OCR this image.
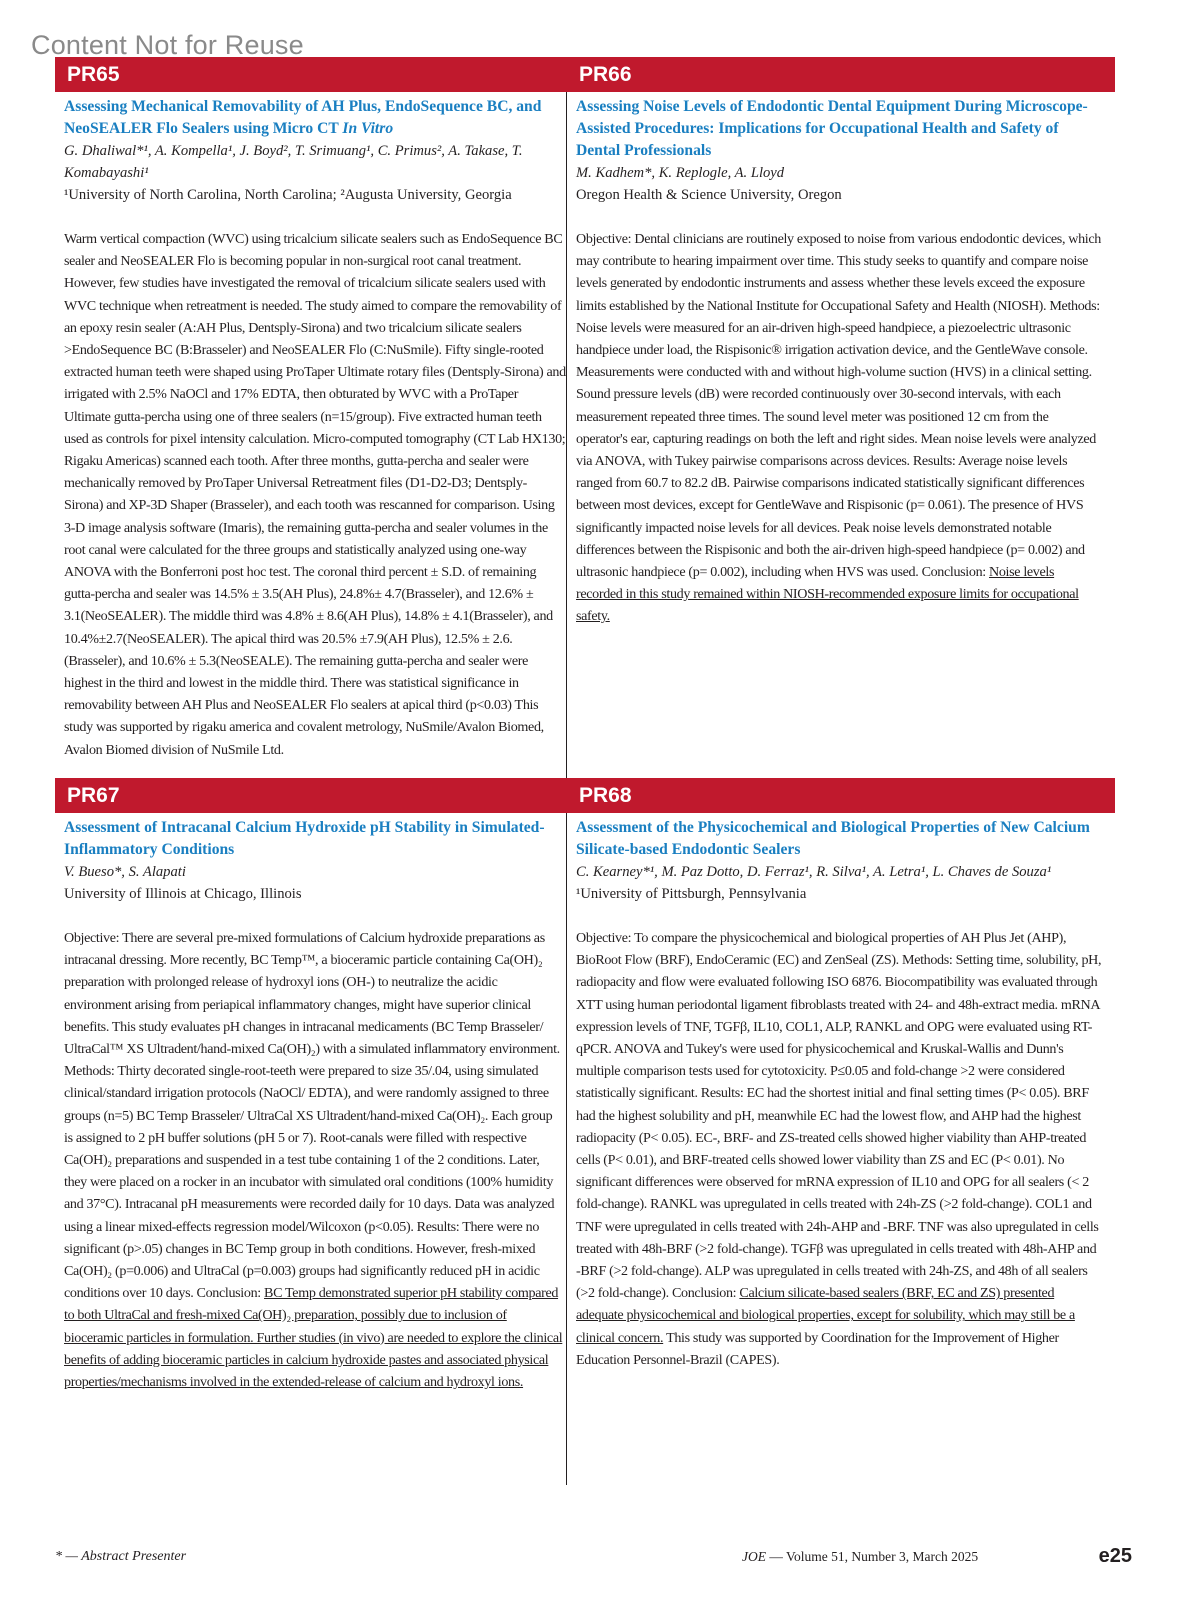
Content Not for Reuse
PR65	PR66
PR67	PR68

Assessing Mechanical Removability of AH Plus, EndoSequence BC, and NeoSEALER Flo Sealers using Micro CT In Vitro

G. Dhaliwal*¹, A. Kompella¹, J. Boyd², T. Srimuang¹, C. Primus², A. Takase, T. Komabayashi¹

¹University of North Carolina, North Carolina; ²Augusta University, Georgia

Warm vertical compaction (WVC) using tricalcium silicate sealers such as EndoSequence BC sealer and NeoSEALER Flo is becoming popular in non-surgical root canal treatment. However, few studies have investigated the removal of tricalcium silicate sealers used with WVC technique when retreatment is needed. The study aimed to compare the removability of an epoxy resin sealer (A:AH Plus, Dentsply-Sirona) and two tricalcium silicate sealers >EndoSequence BC (B:Brasseler) and NeoSEALER Flo (C:NuSmile). Fifty single-rooted extracted human teeth were shaped using ProTaper Ultimate rotary files (Dentsply-Sirona) and irrigated with 2.5% NaOCl and 17% EDTA, then obturated by WVC with a ProTaper Ultimate gutta-percha using one of three sealers (n=15/group). Five extracted human teeth used as controls for pixel intensity calculation. Micro-computed tomography (CT Lab HX130; Rigaku Americas) scanned each tooth. After three months, gutta-percha and sealer were mechanically removed by ProTaper Universal Retreatment files (D1-D2-D3; Dentsply-Sirona) and XP-3D Shaper (Brasseler), and each tooth was rescanned for comparison. Using 3-D image analysis software (Imaris), the remaining gutta-percha and sealer volumes in the root canal were calculated for the three groups and statistically analyzed using one-way ANOVA with the Bonferroni post hoc test. The coronal third percent ± S.D. of remaining gutta-percha and sealer was 14.5% ± 3.5(AH Plus), 24.8%± 4.7(Brasseler), and 12.6% ± 3.1(NeoSEALER). The middle third was 4.8% ± 8.6(AH Plus), 14.8% ± 4.1(Brasseler), and 10.4%±2.7(NeoSEALER). The apical third was 20.5% ±7.9(AH Plus), 12.5% ± 2.6.(Brasseler), and 10.6% ± 5.3(NeoSEALE). The remaining gutta-percha and sealer were highest in the third and lowest in the middle third. There was statistical significance in removability between AH Plus and NeoSEALER Flo sealers at apical third (p<0.03) This study was supported by rigaku america and covalent metrology, NuSmile/Avalon Biomed, Avalon Biomed division of NuSmile Ltd.

Assessing Noise Levels of Endodontic Dental Equipment During Microscope-Assisted Procedures: Implications for Occupational Health and Safety of Dental Professionals

M. Kadhem*, K. Replogle, A. Lloyd

Oregon Health & Science University, Oregon

Objective: Dental clinicians are routinely exposed to noise from various endodontic devices, which may contribute to hearing impairment over time. This study seeks to quantify and compare noise levels generated by endodontic instruments and assess whether these levels exceed the exposure limits established by the National Institute for Occupational Safety and Health (NIOSH). Methods: Noise levels were measured for an air-driven high-speed handpiece, a piezoelectric ultrasonic handpiece under load, the Rispisonic® irrigation activation device, and the GentleWave console. Measurements were conducted with and without high-volume suction (HVS) in a clinical setting. Sound pressure levels (dB) were recorded continuously over 30-second intervals, with each measurement repeated three times. The sound level meter was positioned 12 cm from the operator's ear, capturing readings on both the left and right sides. Mean noise levels were analyzed via ANOVA, with Tukey pairwise comparisons across devices. Results: Average noise levels ranged from 60.7 to 82.2 dB. Pairwise comparisons indicated statistically significant differences between most devices, except for GentleWave and Rispisonic (p= 0.061). The presence of HVS significantly impacted noise levels for all devices. Peak noise levels demonstrated notable differences between the Rispisonic and both the air-driven high-speed handpiece (p= 0.002) and ultrasonic handpiece (p= 0.002), including when HVS was used. Conclusion: Noise levels recorded in this study remained within NIOSH-recommended exposure limits for occupational safety.

Assessment of Intracanal Calcium Hydroxide pH Stability in Simulated-Inflammatory Conditions

V. Bueso*, S. Alapati

University of Illinois at Chicago, Illinois

Objective: There are several pre-mixed formulations of Calcium hydroxide preparations as intracanal dressing. More recently, BC Temp™, a bioceramic particle containing Ca(OH)₂ preparation with prolonged release of hydroxyl ions (OH-) to neutralize the acidic environment arising from periapical inflammatory changes, might have superior clinical benefits. This study evaluates pH changes in intracanal medicaments (BC Temp Brasseler/ UltraCal™ XS Ultradent/hand-mixed Ca(OH)₂) with a simulated inflammatory environment. Methods: Thirty decorated single-root-teeth were prepared to size 35/.04, using simulated clinical/standard irrigation protocols (NaOCl/ EDTA), and were randomly assigned to three groups (n=5) BC Temp Brasseler/ UltraCal XS Ultradent/hand-mixed Ca(OH)₂. Each group is assigned to 2 pH buffer solutions (pH 5 or 7). Root-canals were filled with respective Ca(OH)₂ preparations and suspended in a test tube containing 1 of the 2 conditions. Later, they were placed on a rocker in an incubator with simulated oral conditions (100% humidity and 37°C). Intracanal pH measurements were recorded daily for 10 days. Data was analyzed using a linear mixed-effects regression model/Wilcoxon (p<0.05). Results: There were no significant (p>.05) changes in BC Temp group in both conditions. However, fresh-mixed Ca(OH)₂ (p=0.006) and UltraCal (p=0.003) groups had significantly reduced pH in acidic conditions over 10 days. Conclusion: BC Temp demonstrated superior pH stability compared to both UltraCal and fresh-mixed Ca(OH)₂ preparation, possibly due to inclusion of bioceramic particles in formulation. Further studies (in vivo) are needed to explore the clinical benefits of adding bioceramic particles in calcium hydroxide pastes and associated physical properties/mechanisms involved in the extended-release of calcium and hydroxyl ions.

Assessment of the Physicochemical and Biological Properties of New Calcium Silicate-based Endodontic Sealers

C. Kearney*¹, M. Paz Dotto, D. Ferraz¹, R. Silva¹, A. Letra¹, L. Chaves de Souza¹

¹University of Pittsburgh, Pennsylvania

Objective: To compare the physicochemical and biological properties of AH Plus Jet (AHP), BioRoot Flow (BRF), EndoCeramic (EC) and ZenSeal (ZS). Methods: Setting time, solubility, pH, radiopacity and flow were evaluated following ISO 6876. Biocompatibility was evaluated through XTT using human periodontal ligament fibroblasts treated with 24- and 48h-extract media. mRNA expression levels of TNF, TGFβ, IL10, COL1, ALP, RANKL and OPG were evaluated using RT-qPCR. ANOVA and Tukey's were used for physicochemical and Kruskal-Wallis and Dunn's multiple comparison tests used for cytotoxicity. P≤0.05 and fold-change >2 were considered statistically significant. Results: EC had the shortest initial and final setting times (P< 0.05). BRF had the highest solubility and pH, meanwhile EC had the lowest flow, and AHP had the highest radiopacity (P< 0.05). EC-, BRF- and ZS-treated cells showed higher viability than AHP-treated cells (P< 0.01), and BRF-treated cells showed lower viability than ZS and EC (P< 0.01). No significant differences were observed for mRNA expression of IL10 and OPG for all sealers (< 2 fold-change). RANKL was upregulated in cells treated with 24h-ZS (>2 fold-change). COL1 and TNF were upregulated in cells treated with 24h-AHP and -BRF. TNF was also upregulated in cells treated with 48h-BRF (>2 fold-change). TGFβ was upregulated in cells treated with 48h-AHP and -BRF (>2 fold-change). ALP was upregulated in cells treated with 24h-ZS, and 48h of all sealers (>2 fold-change). Conclusion: Calcium silicate-based sealers (BRF, EC and ZS) presented adequate physicochemical and biological properties, except for solubility, which may still be a clinical concern. This study was supported by Coordination for the Improvement of Higher Education Personnel-Brazil (CAPES).

* — Abstract Presenter	JOE — Volume 51, Number 3, March 2025	e25
